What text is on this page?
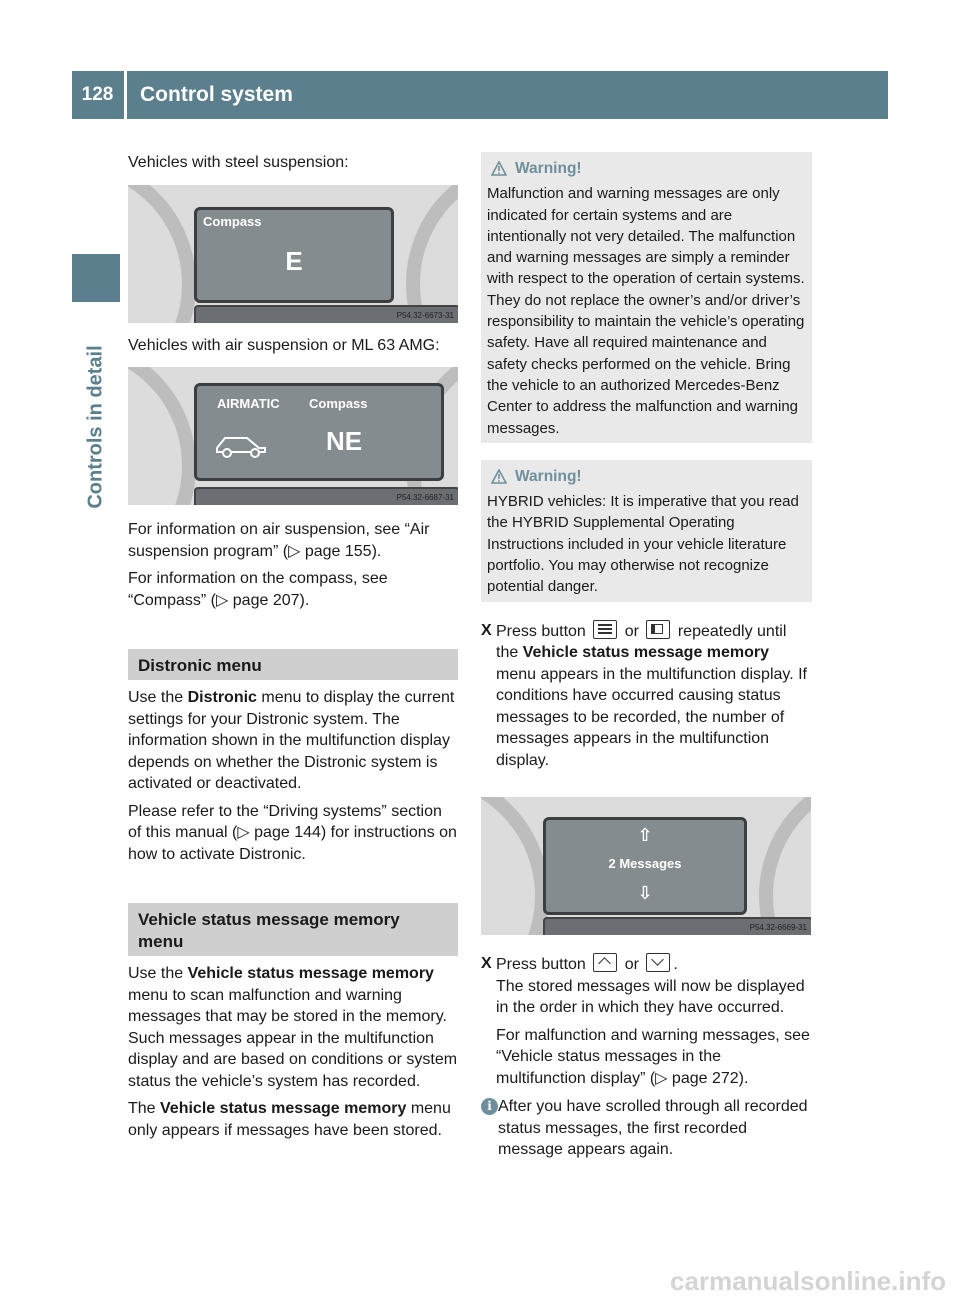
128	Control system
Controls in detail

Vehicles with steel suspension:

Compass
E
P54.32-6673-31

Vehicles with air suspension or ML 63 AMG:

AIRMATIC Compass
NE
P54.32-6687-31

For information on air suspension, see “Air suspension program” (▷ page 155).

For information on the compass, see “Compass” (▷ page 207).

Distronic menu

Use the Distronic menu to display the current settings for your Distronic system. The information shown in the multifunction display depends on whether the Distronic system is activated or deactivated.

Please refer to the “Driving systems” section of this manual (▷ page 144) for instructions on how to activate Distronic.

Vehicle status message memory menu

Use the Vehicle status message memory menu to scan malfunction and warning messages that may be stored in the memory. Such messages appear in the multifunction display and are based on conditions or system status the vehicle’s system has recorded.

The Vehicle status message memory menu only appears if messages have been stored.

Warning!

Malfunction and warning messages are only indicated for certain systems and are intentionally not very detailed. The malfunction and warning messages are simply a reminder with respect to the operation of certain systems. They do not replace the owner’s and/or driver’s responsibility to maintain the vehicle’s operating safety. Have all required maintenance and safety checks performed on the vehicle. Bring the vehicle to an authorized Mercedes-Benz Center to address the malfunction and warning messages.

Warning!

HYBRID vehicles: It is imperative that you read the HYBRID Supplemental Operating Instructions included in your vehicle literature portfolio. You may otherwise not recognize potential danger.

X Press button  or  repeatedly until the Vehicle status message memory menu appears in the multifunction display. If conditions have occurred causing status messages to be recorded, the number of messages appears in the multifunction display.
⇧
2 Messages
⇩
P54.32-6669-31
X Press button  or .

The stored messages will now be displayed in the order in which they have occurred.

For malfunction and warning messages, see “Vehicle status messages in the multifunction display” (▷ page 272).

i After you have scrolled through all recorded status messages, the first recorded message appears again.

carmanualsonline.info
